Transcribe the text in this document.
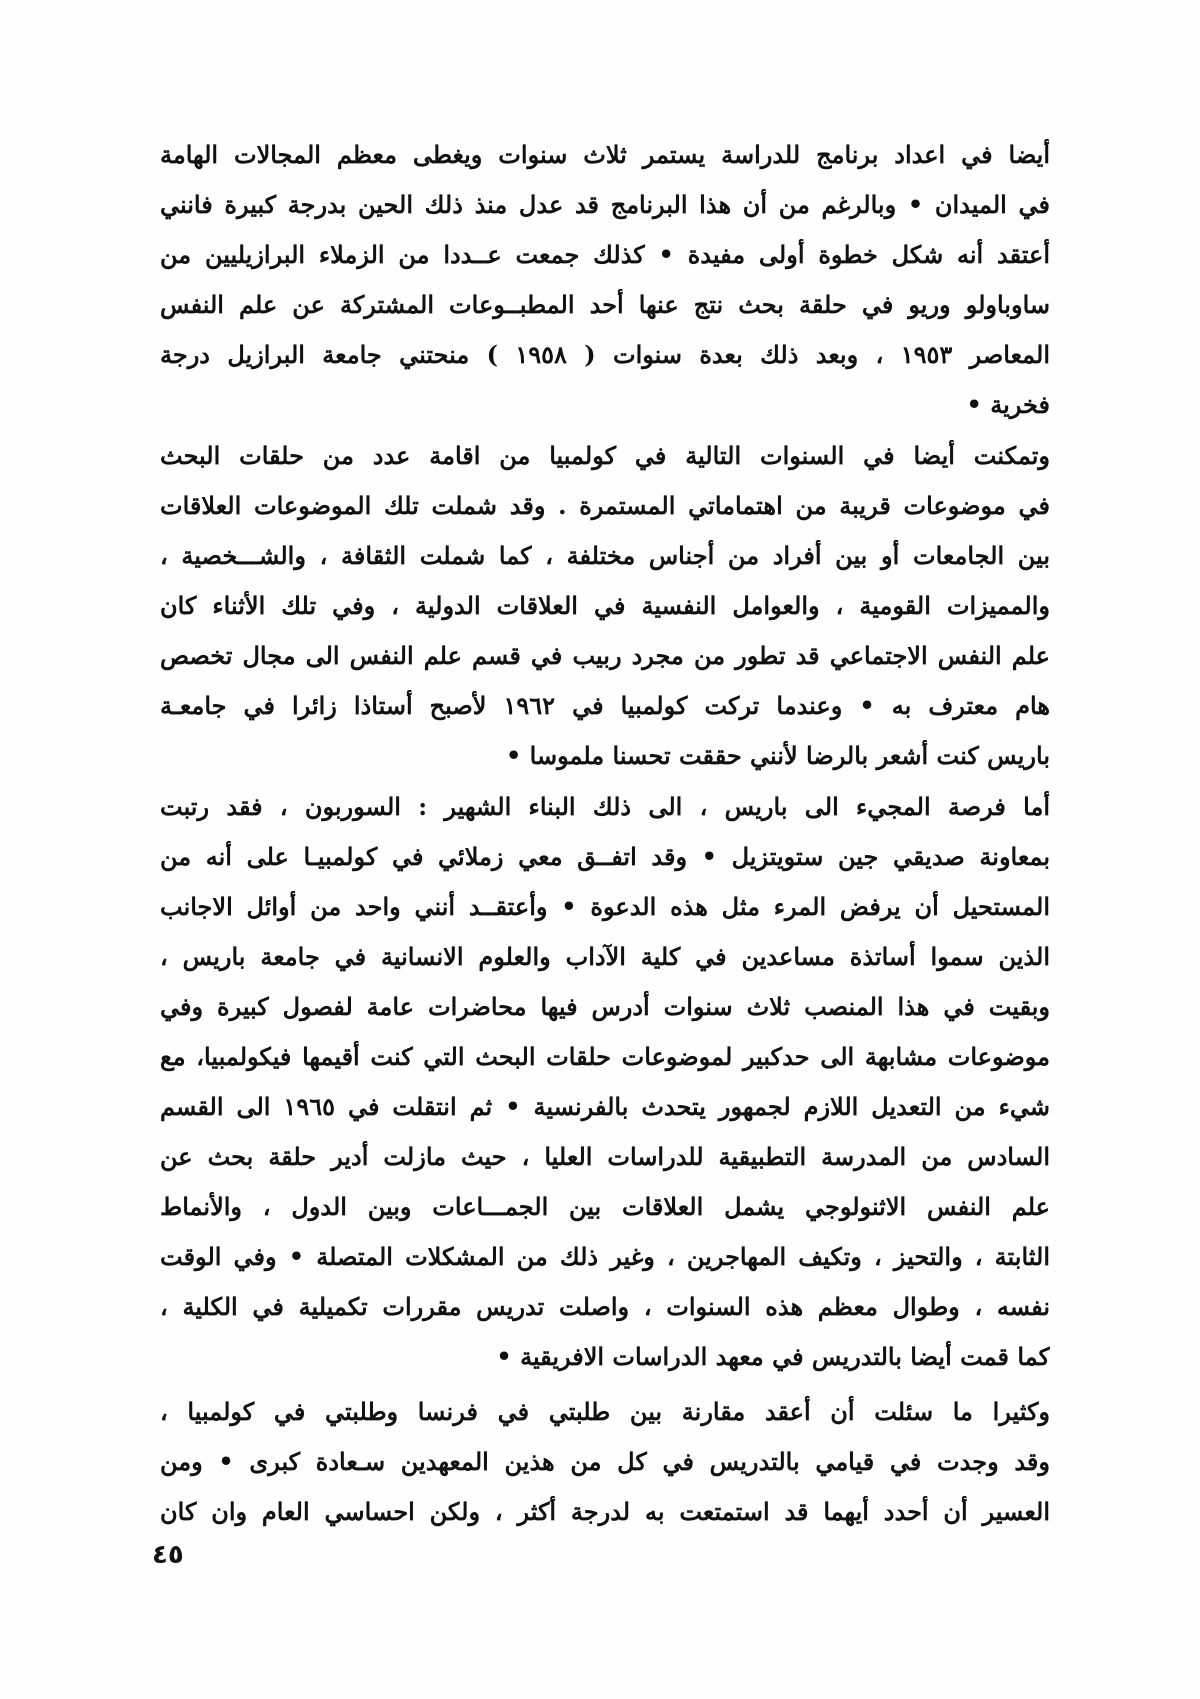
أيضا في اعداد برنامج للدراسة يستمر ثلاث سنوات ويغطى معظم المجالات الهامة
في الميدان • وبالرغم من أن هذا البرنامج قد عدل منذ ذلك الحين بدرجة كبيرة فانني
أعتقد أنه شكل خطوة أولى مفيدة • كذلك جمعت عــددا من الزملاء البرازيليين من
ساوباولو وريو في حلقة بحث نتج عنها أحد المطبــوعات المشتركة عن علم النفس
المعاصر ١٩٥٣ ، وبعد ذلك بعدة سنوات ( ١٩٥٨ ) منحتني جامعة البرازيل درجة
فخرية •
وتمكنت أيضا في السنوات التالية في كولمبيا من اقامة عدد من حلقات البحث
في موضوعات قريبة من اهتماماتي المستمرة . وقد شملت تلك الموضوعات العلاقات
بين الجامعات أو بين أفراد من أجناس مختلفة ، كما شملت الثقافة ، والشـــخصية ،
والمميزات القومية ، والعوامل النفسية في العلاقات الدولية ، وفي تلك الأثناء كان
علم النفس الاجتماعي قد تطور من مجرد ربيب في قسم علم النفس الى مجال تخصص
هام معترف به • وعندما تركت كولمبيا في ١٩٦٢ لأصبح أستاذا زائرا في جامعـة
باريس كنت أشعر بالرضا لأنني حققت تحسنا ملموسا •
أما فرصة المجيء الى باريس ، الى ذلك البناء الشهير : السوربون ، فقد رتبت
بمعاونة صديقي جين ستويتزيل • وقد اتفــق معي زملائي في كولمبيـا على أنه من
المستحيل أن يرفض المرء مثل هذه الدعوة • وأعتقــد أنني واحد من أوائل الاجانب
الذين سموا أساتذة مساعدين في كلية الآداب والعلوم الانسانية في جامعة باريس ،
وبقيت في هذا المنصب ثلاث سنوات أدرس فيها محاضرات عامة لفصول كبيرة وفي
موضوعات مشابهة الى حدكبير لموضوعات حلقات البحث التي كنت أقيمها فيكولمبيا، مع
شيء من التعديل اللازم لجمهور يتحدث بالفرنسية • ثم انتقلت في ١٩٦٥ الى القسم
السادس من المدرسة التطبيقية للدراسات العليا ، حيث مازلت أدير حلقة بحث عن
علم النفس الاثنولوجي يشمل العلاقات بين الجمـــاعات وبين الدول ، والأنماط
الثابتة ، والتحيز ، وتكيف المهاجرين ، وغير ذلك من المشكلات المتصلة • وفي الوقت
نفسه ، وطوال معظم هذه السنوات ، واصلت تدريس مقررات تكميلية في الكلية ،
كما قمت أيضا بالتدريس في معهد الدراسات الافريقية •
وكثيرا ما سئلت أن أعقد مقارنة بين طلبتي في فرنسا وطلبتي في كولمبيا ،
وقد وجدت في قيامي بالتدريس في كل من هذين المعهدين سـعادة كبرى • ومن
العسير أن أحدد أيهما قد استمتعت به لدرجة أكثر ، ولكن احساسي العام وان كان
٤٥
